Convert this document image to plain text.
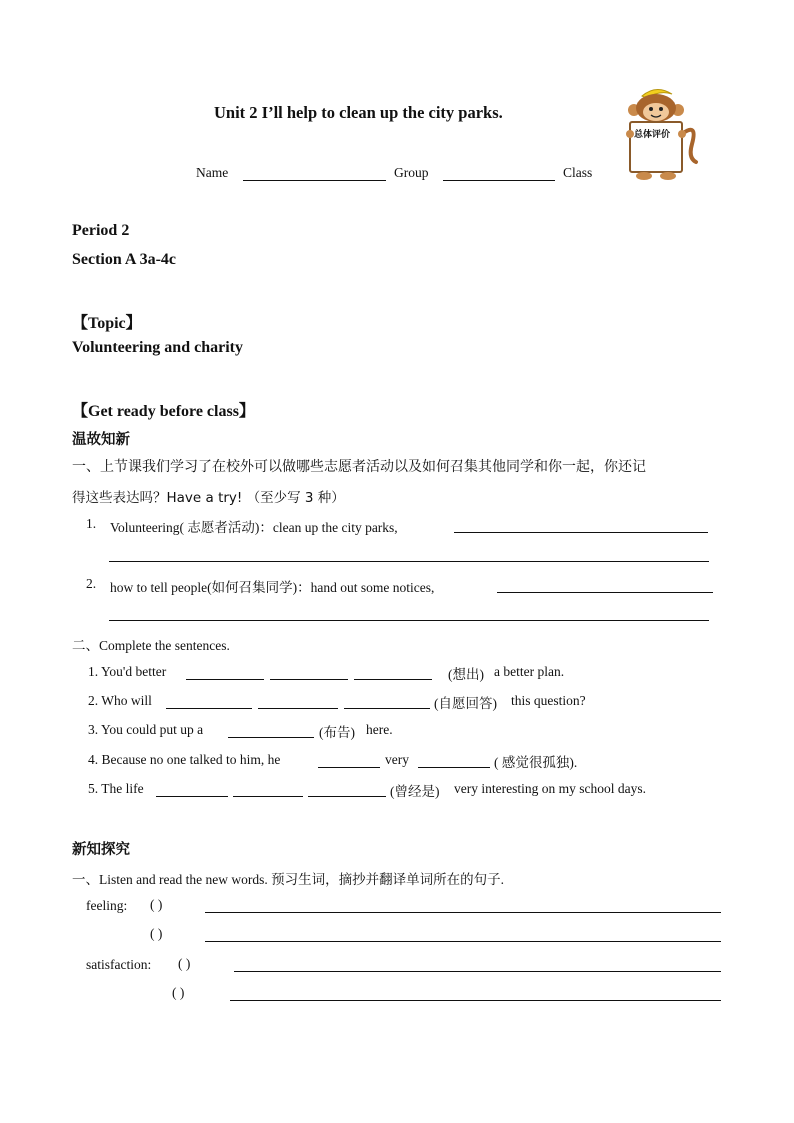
Unit 2 I’ll help to clean up the city parks.
Name	Group	Class
总体评价
Period 2
Section A 3a-4c
【Topic】
Volunteering and charity
【Get ready before class】
温故知新
一、上节课我们学习了在校外可以做哪些志愿者活动以及如何召集其他同学和你一起，你还记
得这些表达吗？Have a try! （至少写 3 种）
1. Volunteering( 志愿者活动)：clean up the city parks,
2. how to tell people(如何召集同学)：hand out some notices,
二、Complete the sentences.
1. You'd better	(想出) a better plan.
2. Who will	(自愿回答) this question?
3. You could put up a	(布告) here.
4. Because no one talked to him, he	very	( 感觉很孤独).
5. The life	(曾经是) very interesting on my school days.
新知探究
一、Listen and read the new words. 预习生词，摘抄并翻译单词所在的句子.
feeling: ( )
( )
satisfaction: ( )
( )
